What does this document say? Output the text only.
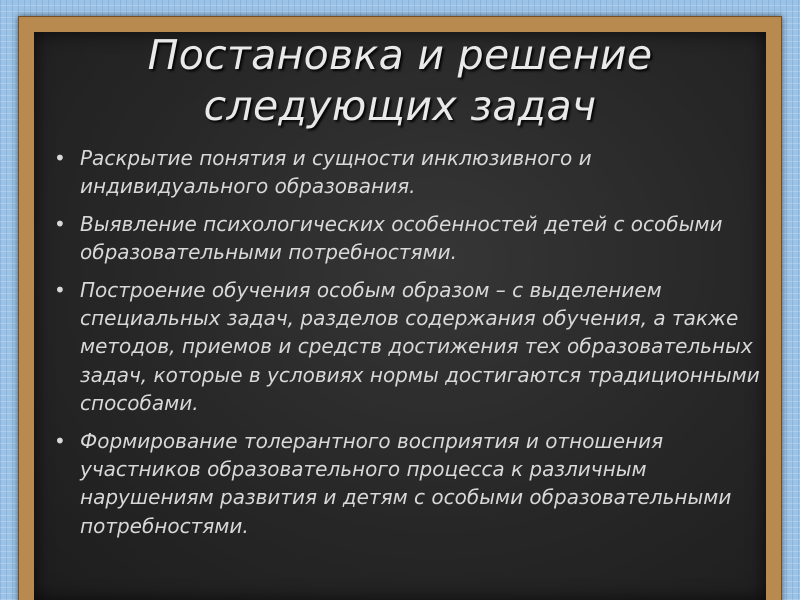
Постановка и решение следующих задач
• Раскрытие понятия и сущности инклюзивного и индивидуального образования.
• Выявление психологических особенностей детей с особыми образовательными потребностями.
• Построение обучения особым образом – с выделением специальных задач, разделов содержания обучения, а также методов, приемов и средств достижения тех образовательных задач, которые в условиях нормы достигаются традиционными способами.
• Формирование толерантного восприятия и отношения участников образовательного процесса к различным нарушениям развития и детям с особыми образовательными потребностями.
